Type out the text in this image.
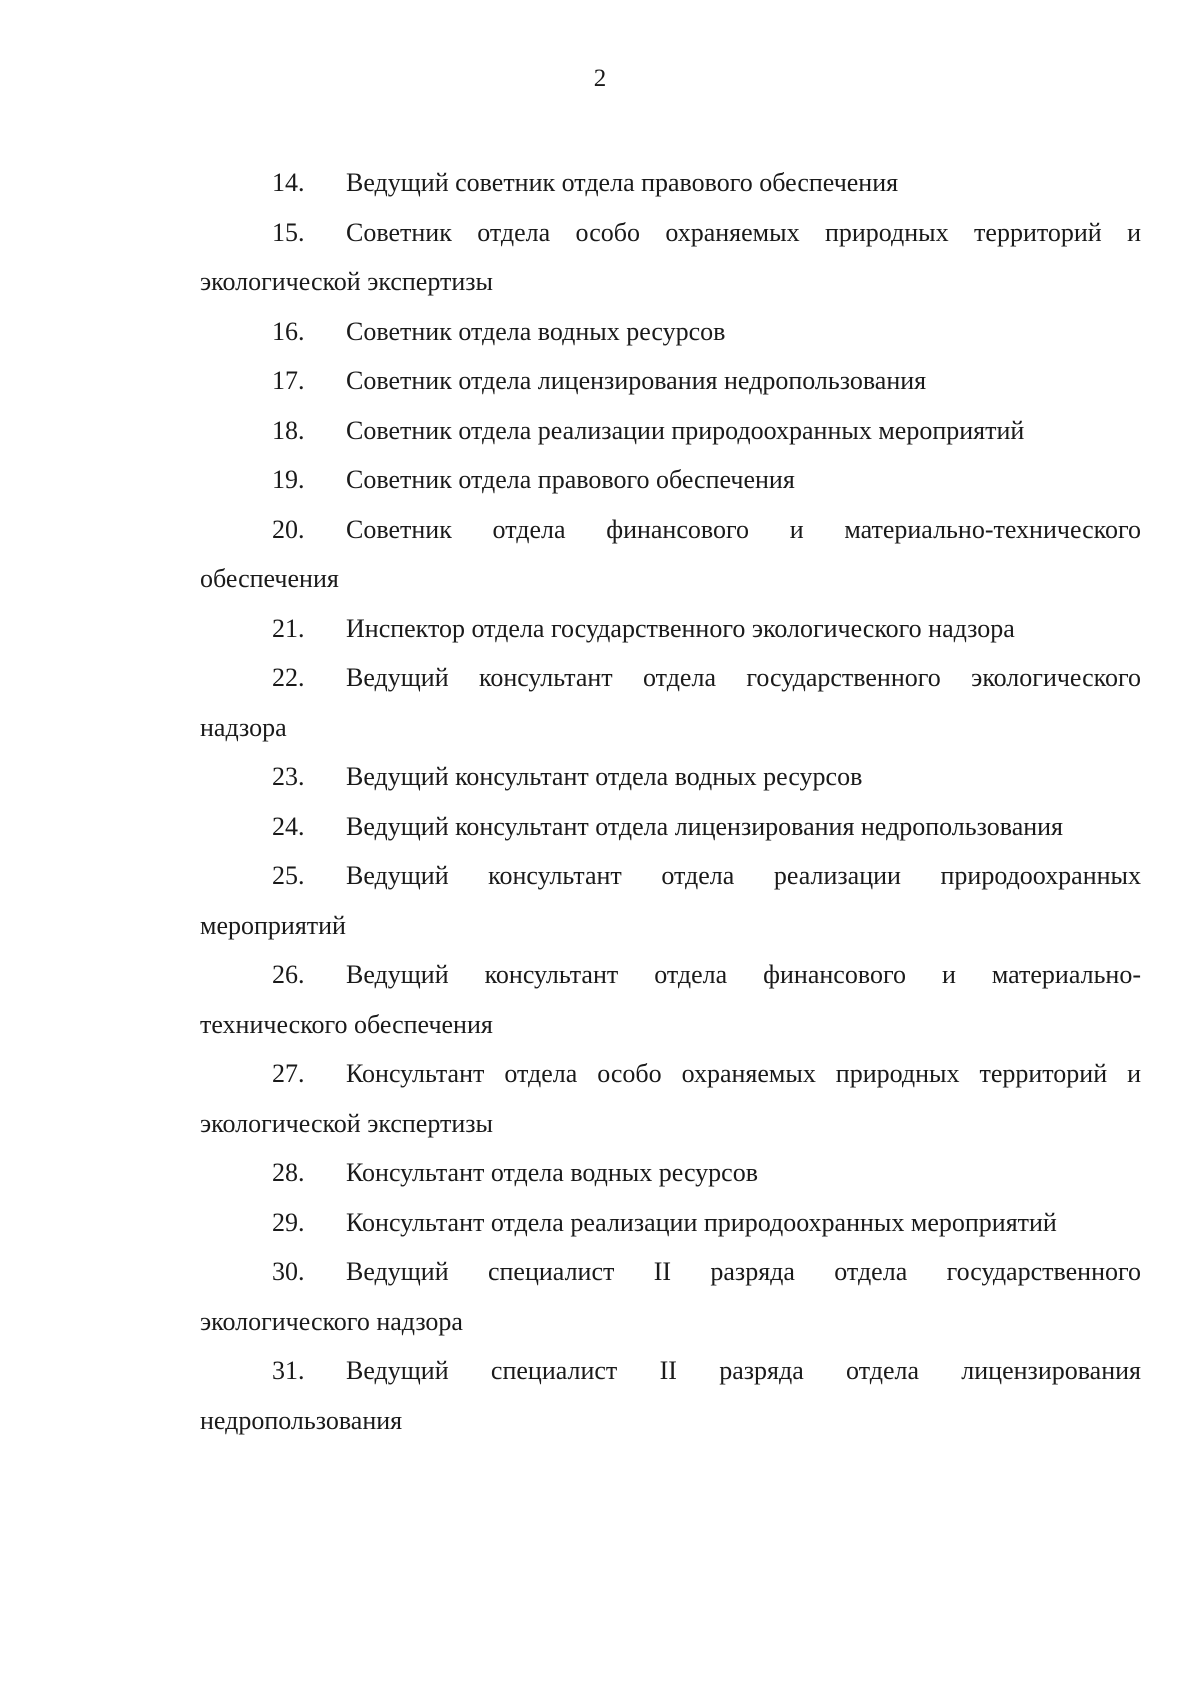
2
14. Ведущий советник отдела правового обеспечения
15. Советник отдела особо охраняемых природных территорий и
экологической экспертизы
16. Советник отдела водных ресурсов
17. Советник отдела лицензирования недропользования
18. Советник отдела реализации природоохранных мероприятий
19. Советник отдела правового обеспечения
20. Советник отдела финансового и материально-технического
обеспечения
21. Инспектор отдела государственного экологического надзора
22. Ведущий консультант отдела государственного экологического
надзора
23. Ведущий консультант отдела водных ресурсов
24. Ведущий консультант отдела лицензирования недропользования
25. Ведущий консультант отдела реализации природоохранных
мероприятий
26. Ведущий консультант отдела финансового и материально-
технического обеспечения
27. Консультант отдела особо охраняемых природных территорий и
экологической экспертизы
28. Консультант отдела водных ресурсов
29. Консультант отдела реализации природоохранных мероприятий
30. Ведущий специалист II разряда отдела государственного
экологического надзора
31. Ведущий специалист II разряда отдела лицензирования
недропользования
